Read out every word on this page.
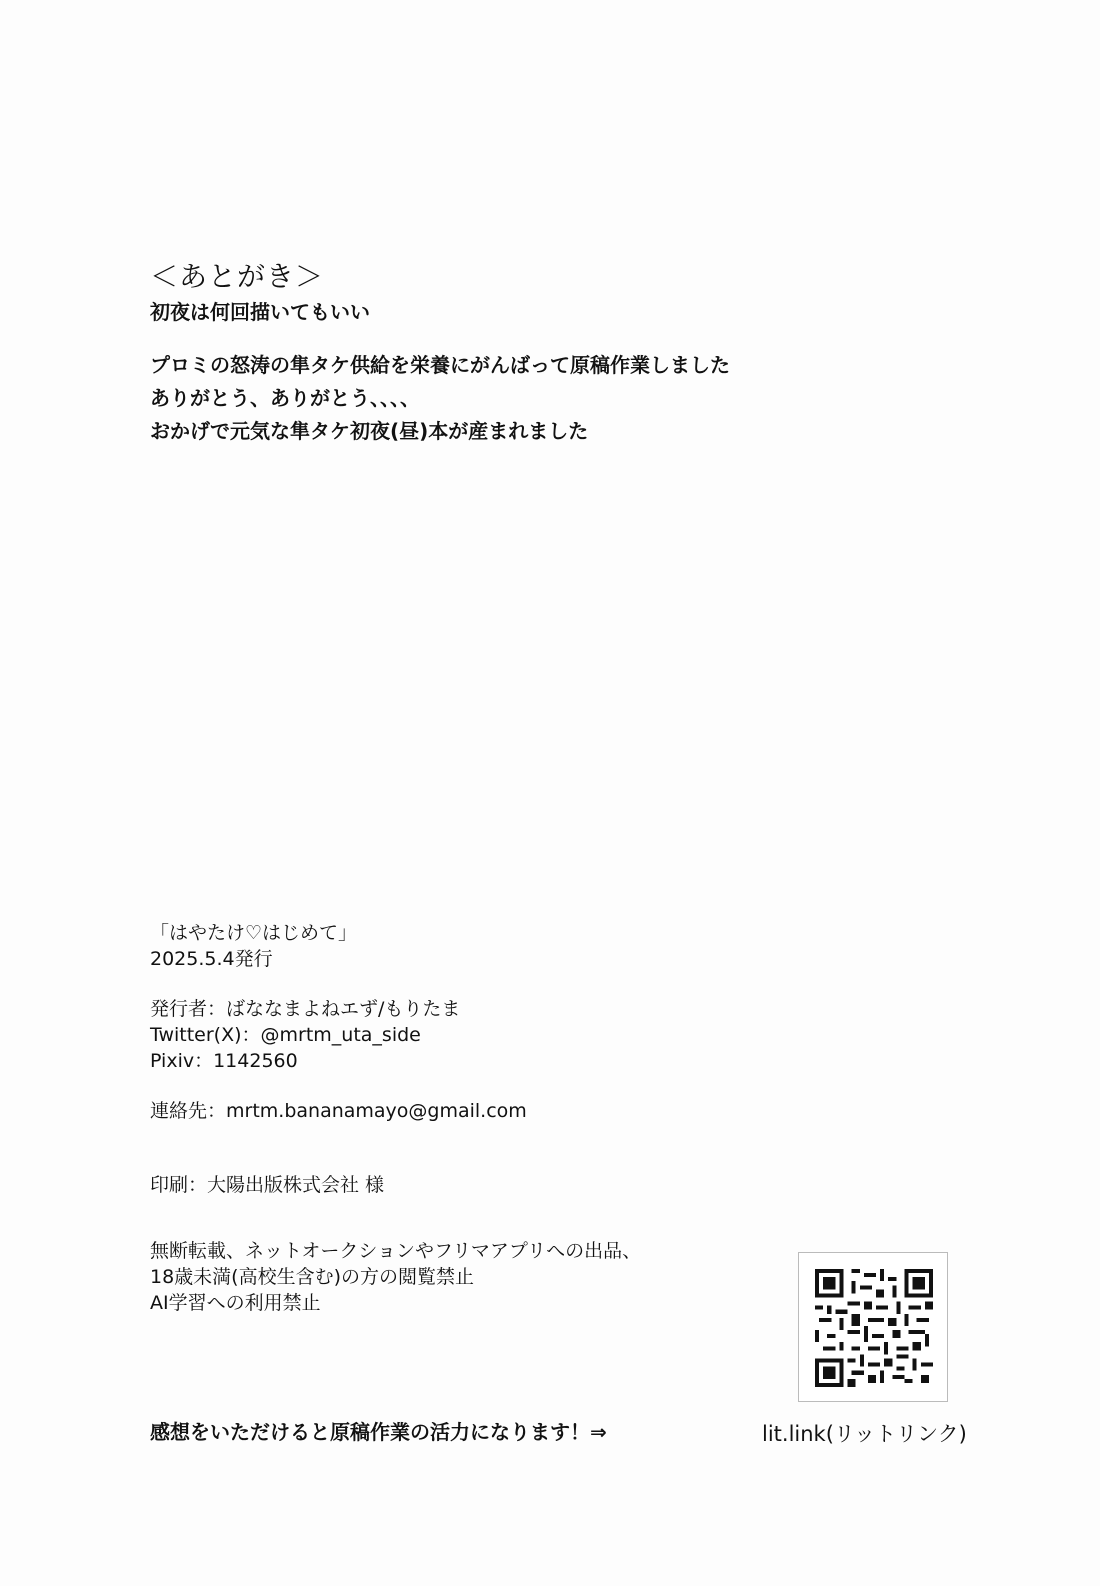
＜あとがき＞
初夜は何回描いてもいい
プロミの怒涛の隼タケ供給を栄養にがんばって原稿作業しました
ありがとう、ありがとう、、、、
おかげで元気な隼タケ初夜(昼)本が産まれました
「はやたけ♡はじめて」
2025.5.4発行
発行者：ばななまよねエず/もりたま
Twitter(X)：@mrtm_uta_side
Pixiv：1142560
連絡先：mrtm.bananamayo@gmail.com
印刷：大陽出版株式会社 様
無断転載、ネットオークションやフリマアプリへの出品、
18歳未満(高校生含む)の方の閲覧禁止
AI学習への利用禁止
感想をいただけると原稿作業の活力になります！⇒	lit.link(リットリンク)
